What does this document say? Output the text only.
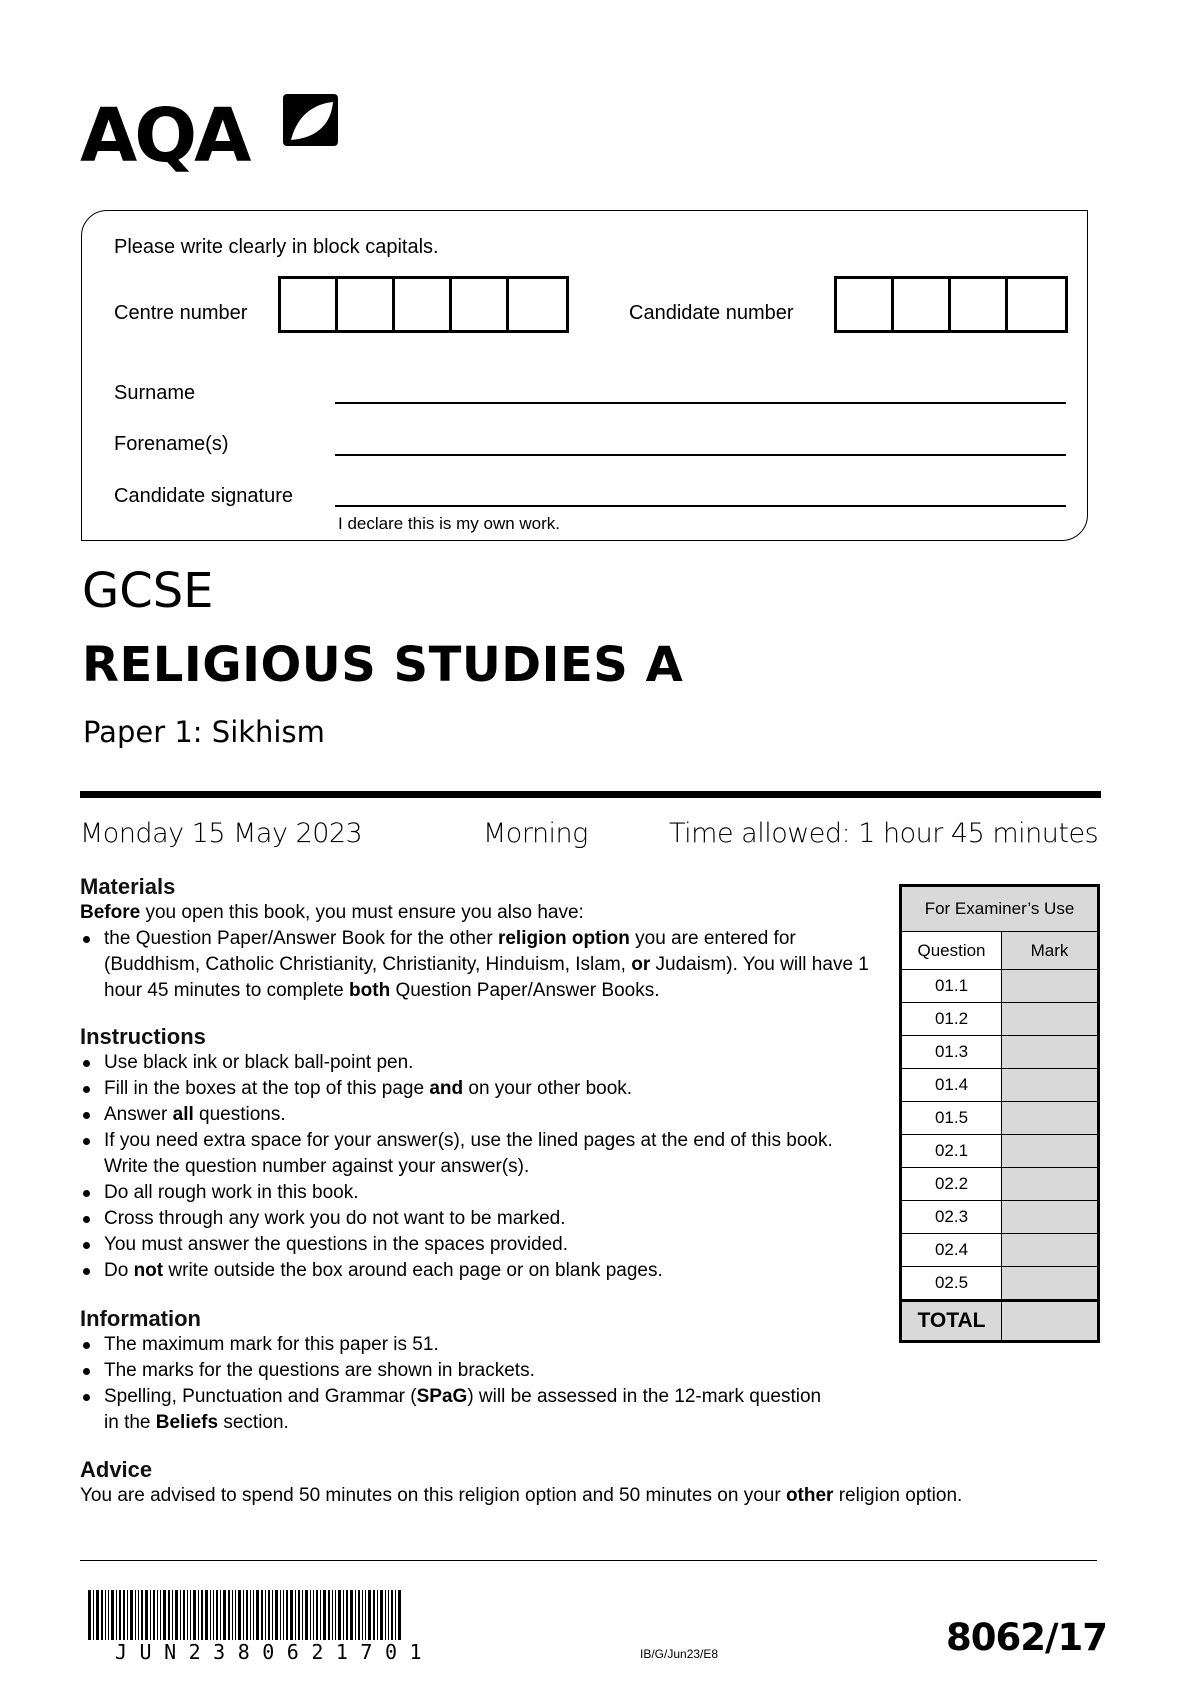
AQA
Please write clearly in block capitals.
Centre number	Candidate number
Surname
Forename(s)
Candidate signature
I declare this is my own work.
GCSE
RELIGIOUS STUDIES A
Paper 1: Sikhism
Monday 15 May 2023	Morning	Time allowed: 1 hour 45 minutes
Materials
Before you open this book, you must ensure you also have:
the Question Paper/Answer Book for the other religion option you are entered for (Buddhism, Catholic Christianity, Christianity, Hinduism, Islam, or Judaism). You will have 1 hour 45 minutes to complete both Question Paper/Answer Books.
Instructions
Use black ink or black ball-point pen.
Fill in the boxes at the top of this page and on your other book.
Answer all questions.
If you need extra space for your answer(s), use the lined pages at the end of this book. Write the question number against your answer(s).
Do all rough work in this book.
Cross through any work you do not want to be marked.
You must answer the questions in the spaces provided.
Do not write outside the box around each page or on blank pages.
Information
The maximum mark for this paper is 51.
The marks for the questions are shown in brackets.
Spelling, Punctuation and Grammar (SPaG) will be assessed in the 12-mark question in the Beliefs section.
Advice
You are advised to spend 50 minutes on this religion option and 50 minutes on your other religion option.
For Examiner’s Use	
Question	Mark
01.1	
01.2	
01.3	
01.4	
01.5	
02.1	
02.2	
02.3	
02.4	
02.5	
TOTAL	
JUN2380621701	IB/G/Jun23/E8	8062/17
